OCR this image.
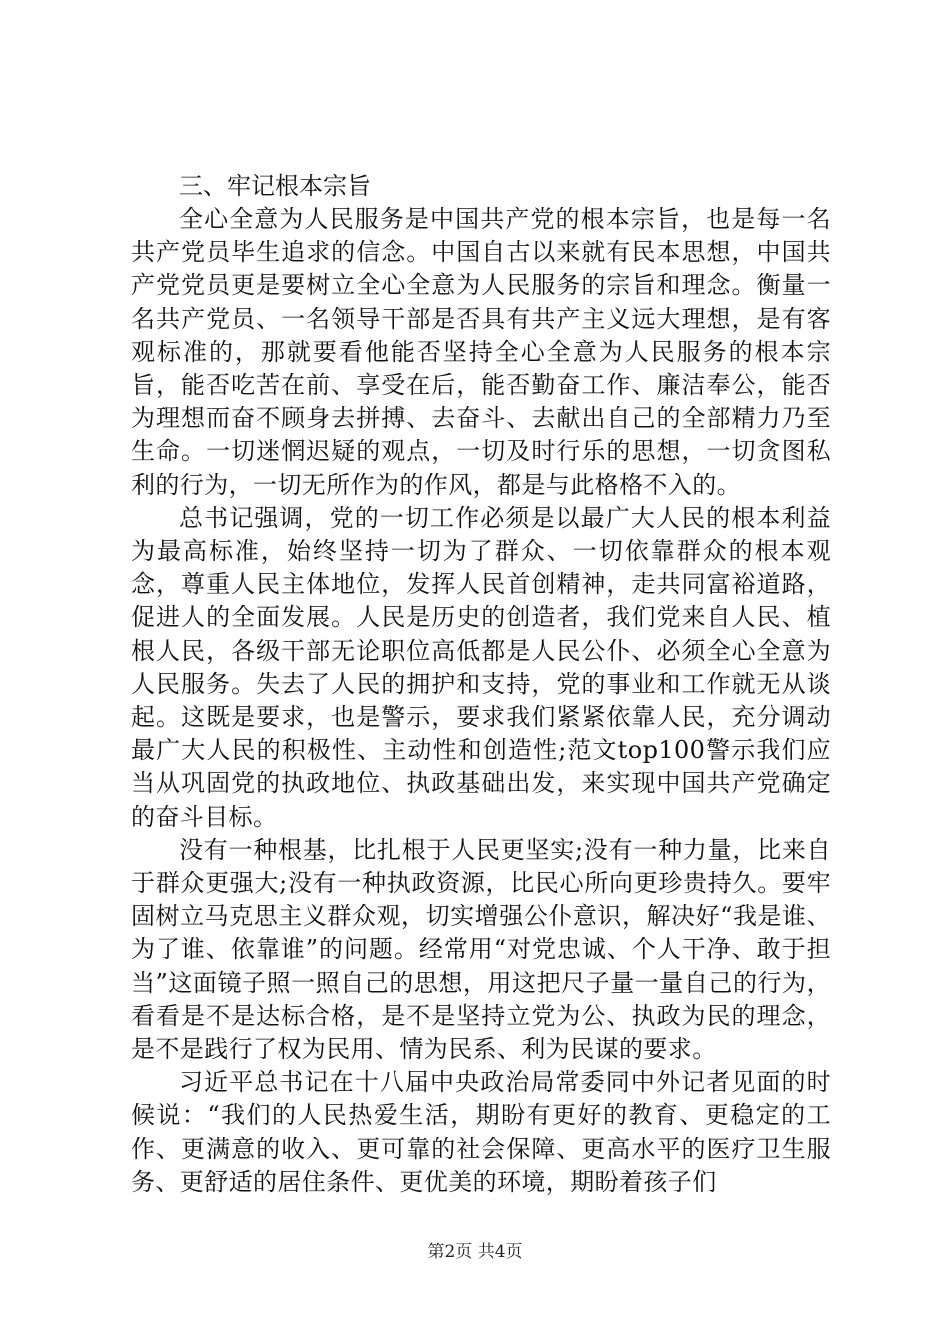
三、牢记根本宗旨

全心全意为人民服务是中国共产党的根本宗旨，也是每一名共产党员毕生追求的信念。中国自古以来就有民本思想，中国共产党党员更是要树立全心全意为人民服务的宗旨和理念。衡量一名共产党员、一名领导干部是否具有共产主义远大理想，是有客观标准的，那就要看他能否坚持全心全意为人民服务的根本宗旨，能否吃苦在前、享受在后，能否勤奋工作、廉洁奉公，能否为理想而奋不顾身去拼搏、去奋斗、去献出自己的全部精力乃至生命。一切迷惘迟疑的观点，一切及时行乐的思想，一切贪图私利的行为，一切无所作为的作风，都是与此格格不入的。

总书记强调，党的一切工作必须是以最广大人民的根本利益为最高标准，始终坚持一切为了群众、一切依靠群众的根本观念，尊重人民主体地位，发挥人民首创精神，走共同富裕道路，促进人的全面发展。人民是历史的创造者，我们党来自人民、植根人民，各级干部无论职位高低都是人民公仆、必须全心全意为人民服务。失去了人民的拥护和支持，党的事业和工作就无从谈起。这既是要求，也是警示，要求我们紧紧依靠人民，充分调动最广大人民的积极性、主动性和创造性;范文top100警示我们应当从巩固党的执政地位、执政基础出发，来实现中国共产党确定的奋斗目标。

没有一种根基，比扎根于人民更坚实;没有一种力量，比来自于群众更强大;没有一种执政资源，比民心所向更珍贵持久。要牢固树立马克思主义群众观，切实增强公仆意识，解决好“我是谁、为了谁、依靠谁”的问题。经常用“对党忠诚、个人干净、敢于担当”这面镜子照一照自己的思想，用这把尺子量一量自己的行为，看看是不是达标合格，是不是坚持立党为公、执政为民的理念，是不是践行了权为民用、情为民系、利为民谋的要求。

习近平总书记在十八届中央政治局常委同中外记者见面的时候说：“我们的人民热爱生活，期盼有更好的教育、更稳定的工作、更满意的收入、更可靠的社会保障、更高水平的医疗卫生服务、更舒适的居住条件、更优美的环境，期盼着孩子们

第2页 共4页
